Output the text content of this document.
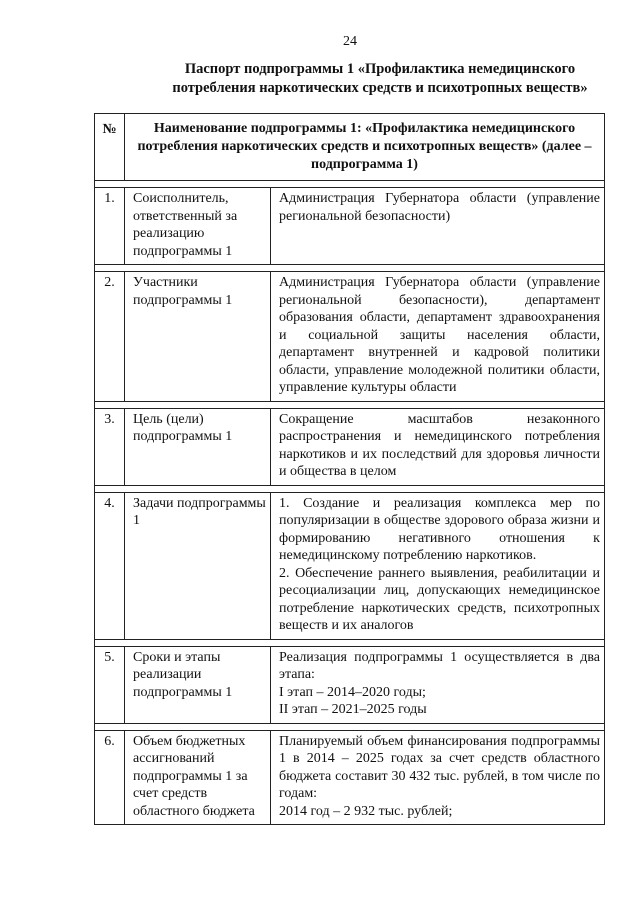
24
Паспорт подпрограммы 1 «Профилактика немедицинского потребления наркотических средств и психотропных веществ»
№	Наименование подпрограммы 1: «Профилактика немедицинского потребления наркотических средств и психотропных веществ» (далее – подпрограмма 1)	

1.	Соисполнитель, ответственный за реализацию подпрограммы 1	Администрация Губернатора области (управление региональной безопасности)

2.	Участники подпрограммы 1	Администрация Губернатора области (управление региональной безопасности), департамент образования области, департамент здравоохранения и социальной защиты населения области, департамент внутренней и кадровой политики области, управление молодежной политики области, управление культуры области

3.	Цель (цели) подпрограммы 1	Сокращение масштабов незаконного распространения и немедицинского потребления наркотиков и их последствий для здоровья личности и общества в целом

4.	Задачи подпрограммы 1	1. Создание и реализация комплекса мер по популяризации в обществе здорового образа жизни и формированию негативного отношения к немедицинскому потреблению наркотиков.

2. Обеспечение раннего выявления, реабилитации и ресоциализации лиц, допускающих немедицинское потребление наркотических средств, психотропных веществ и их аналогов

5.	Сроки и этапы реализации подпрограммы 1	Реализация подпрограммы 1 осуществляется в два этапа:

I этап – 2014–2020 годы;

II этап – 2021–2025 годы

6.	Объем бюджетных ассигнований подпрограммы 1 за счет средств областного бюджета	Планируемый объем финансирования подпрограммы 1 в 2014 – 2025 годах за счет средств областного бюджета составит 30 432 тыс. рублей, в том числе по годам:

2014 год – 2 932 тыс. рублей;
